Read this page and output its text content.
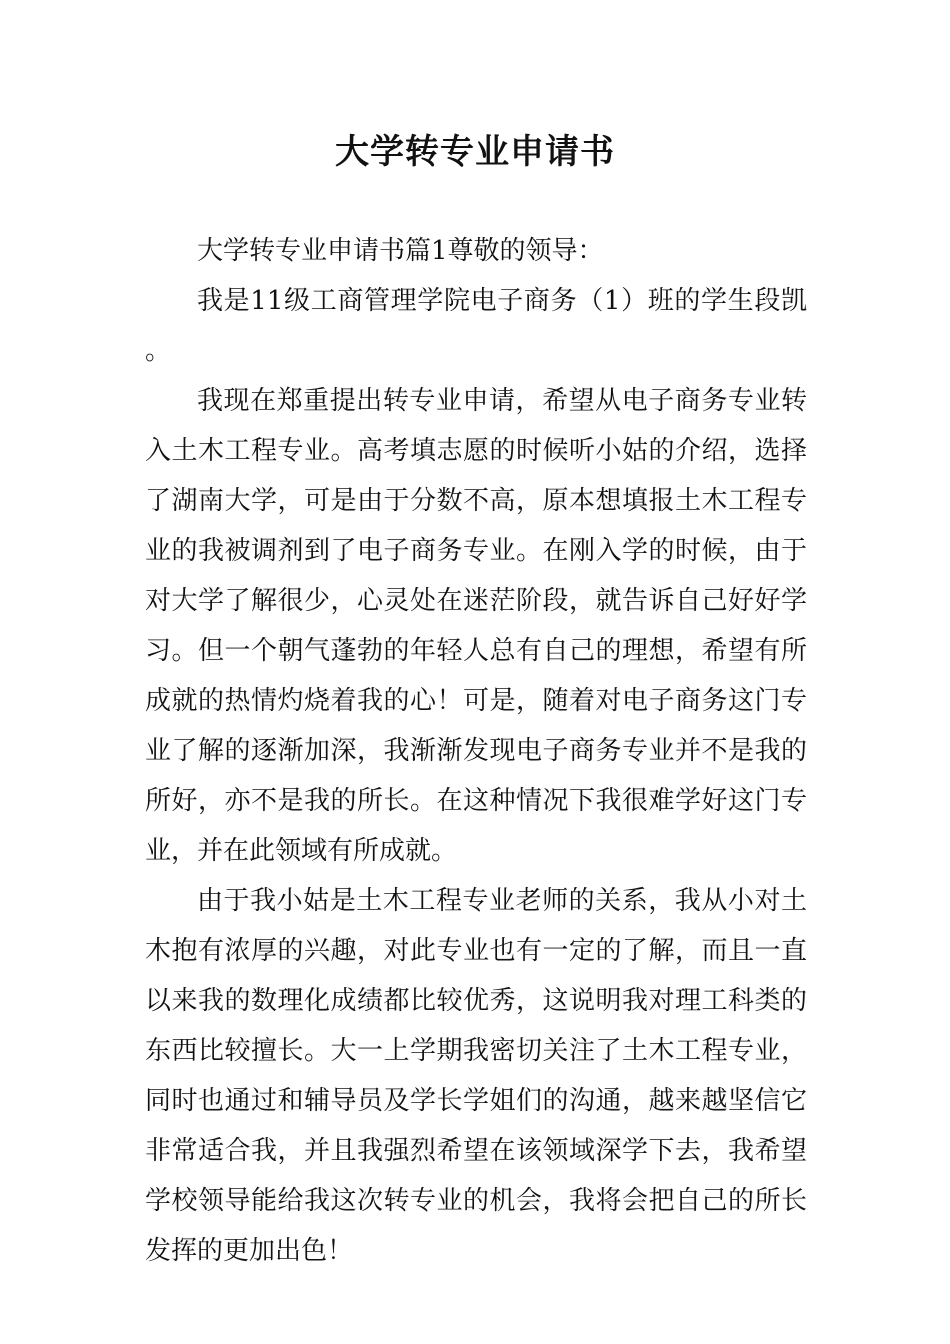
大学转专业申请书

大学转专业申请书篇1尊敬的领导：

我是11级工商管理学院电子商务（1）班的学生段凯。

我现在郑重提出转专业申请，希望从电子商务专业转入土木工程专业。高考填志愿的时候听小姑的介绍，选择了湖南大学，可是由于分数不高，原本想填报土木工程专业的我被调剂到了电子商务专业。在刚入学的时候，由于对大学了解很少，心灵处在迷茫阶段，就告诉自己好好学习。但一个朝气蓬勃的年轻人总有自己的理想，希望有所成就的热情灼烧着我的心！可是，随着对电子商务这门专业了解的逐渐加深，我渐渐发现电子商务专业并不是我的所好，亦不是我的所长。在这种情况下我很难学好这门专业，并在此领域有所成就。

由于我小姑是土木工程专业老师的关系，我从小对土木抱有浓厚的兴趣，对此专业也有一定的了解，而且一直以来我的数理化成绩都比较优秀，这说明我对理工科类的东西比较擅长。大一上学期我密切关注了土木工程专业，同时也通过和辅导员及学长学姐们的沟通，越来越坚信它非常适合我，并且我强烈希望在该领域深学下去，我希望学校领导能给我这次转专业的机会，我将会把自己的所长发挥的更加出色！
